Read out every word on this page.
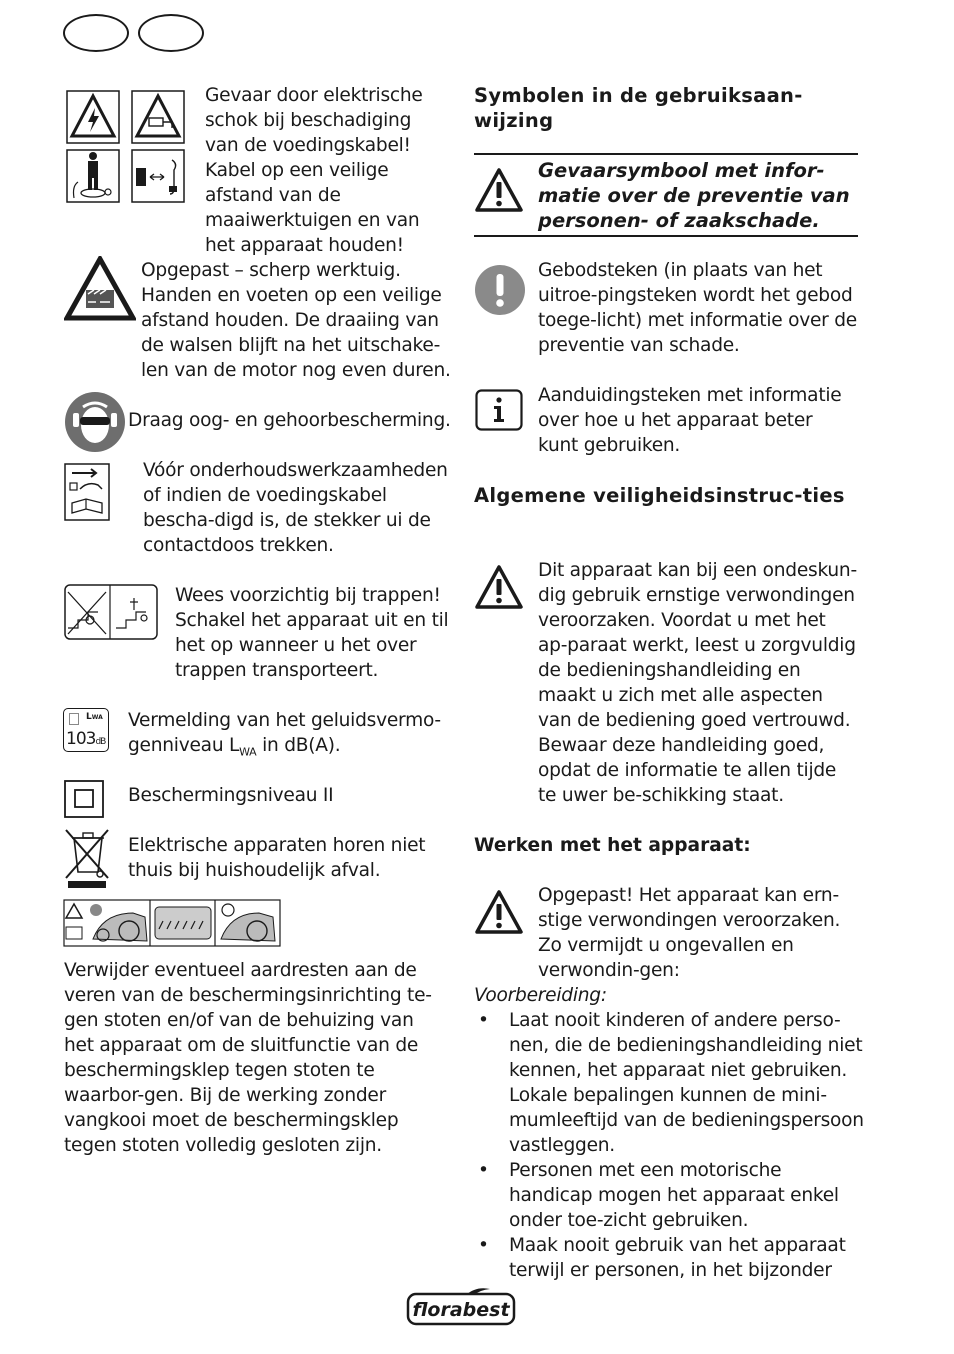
Gevaar door elektrische schok bij beschadiging van de voedingskabel! Kabel op een veilige afstand van de maaiwerktuigen en van het apparaat houden!
Opgepast – scherp werktuig. Handen en voeten op een veilige afstand houden. De draaiing van de walsen blijft na het uitschake-len van de motor nog even duren.
Draag oog- en gehoorbescherming.
Vóór onderhoudswerkzaamheden of indien de voedingskabel bescha-digd is, de stekker ui de contactdoos trekken.
Wees voorzichtig bij trappen! Schakel het apparaat uit en til het op wanneer u het over trappen transporteert.
LWA
103dB
Vermelding van het geluidsvermo-genniveau $L_{WA}$ in dB(A).
Beschermingsniveau II
Elektrische apparaten horen niet thuis bij huishoudelijk afval.
Verwijder eventueel aardresten aan de veren van de beschermingsinrichting te-gen stoten en/of van de behuizing van het apparaat om de sluitfunctie van de beschermingsklep tegen stoten te waarbor-gen. Bij de werking zonder vangkooi moet de beschermingsklep tegen stoten volledig gesloten zijn.
Symbolen in de gebruiksaan-wijzing
Gevaarsymbool met infor-matie over de preventie van personen- of zaakschade.
Gebodsteken (in plaats van het uitroe-pingsteken wordt het gebod toege-licht) met informatie over de preventie van schade.
Aanduidingsteken met informatie over hoe u het apparaat beter kunt gebruiken.
Algemene veiligheidsinstruc-ties
Dit apparaat kan bij een ondeskun-dig gebruik ernstige verwondingen veroorzaken. Voordat u met het ap-paraat werkt, leest u zorgvuldig de bedieningshandleiding en maakt u zich met alle aspecten van de bediening goed vertrouwd. Bewaar deze handleiding goed, opdat de informatie te allen tijde te uwer be-schikking staat.
Werken met het apparaat:
Opgepast! Het apparaat kan ern-stige verwondingen veroorzaken. Zo vermijdt u ongevallen en verwondin-gen:
Voorbereiding:
• Laat nooit kinderen of andere perso-nen, die de bedieningshandleiding niet kennen, het apparaat niet gebruiken. Lokale bepalingen kunnen de mini-mumleeftijd van de bedieningspersoon vastleggen.
• Personen met een motorische handicap mogen het apparaat enkel onder toe-zicht gebruiken.
• Maak nooit gebruik van het apparaat terwijl er personen, in het bijzonder
florabest
